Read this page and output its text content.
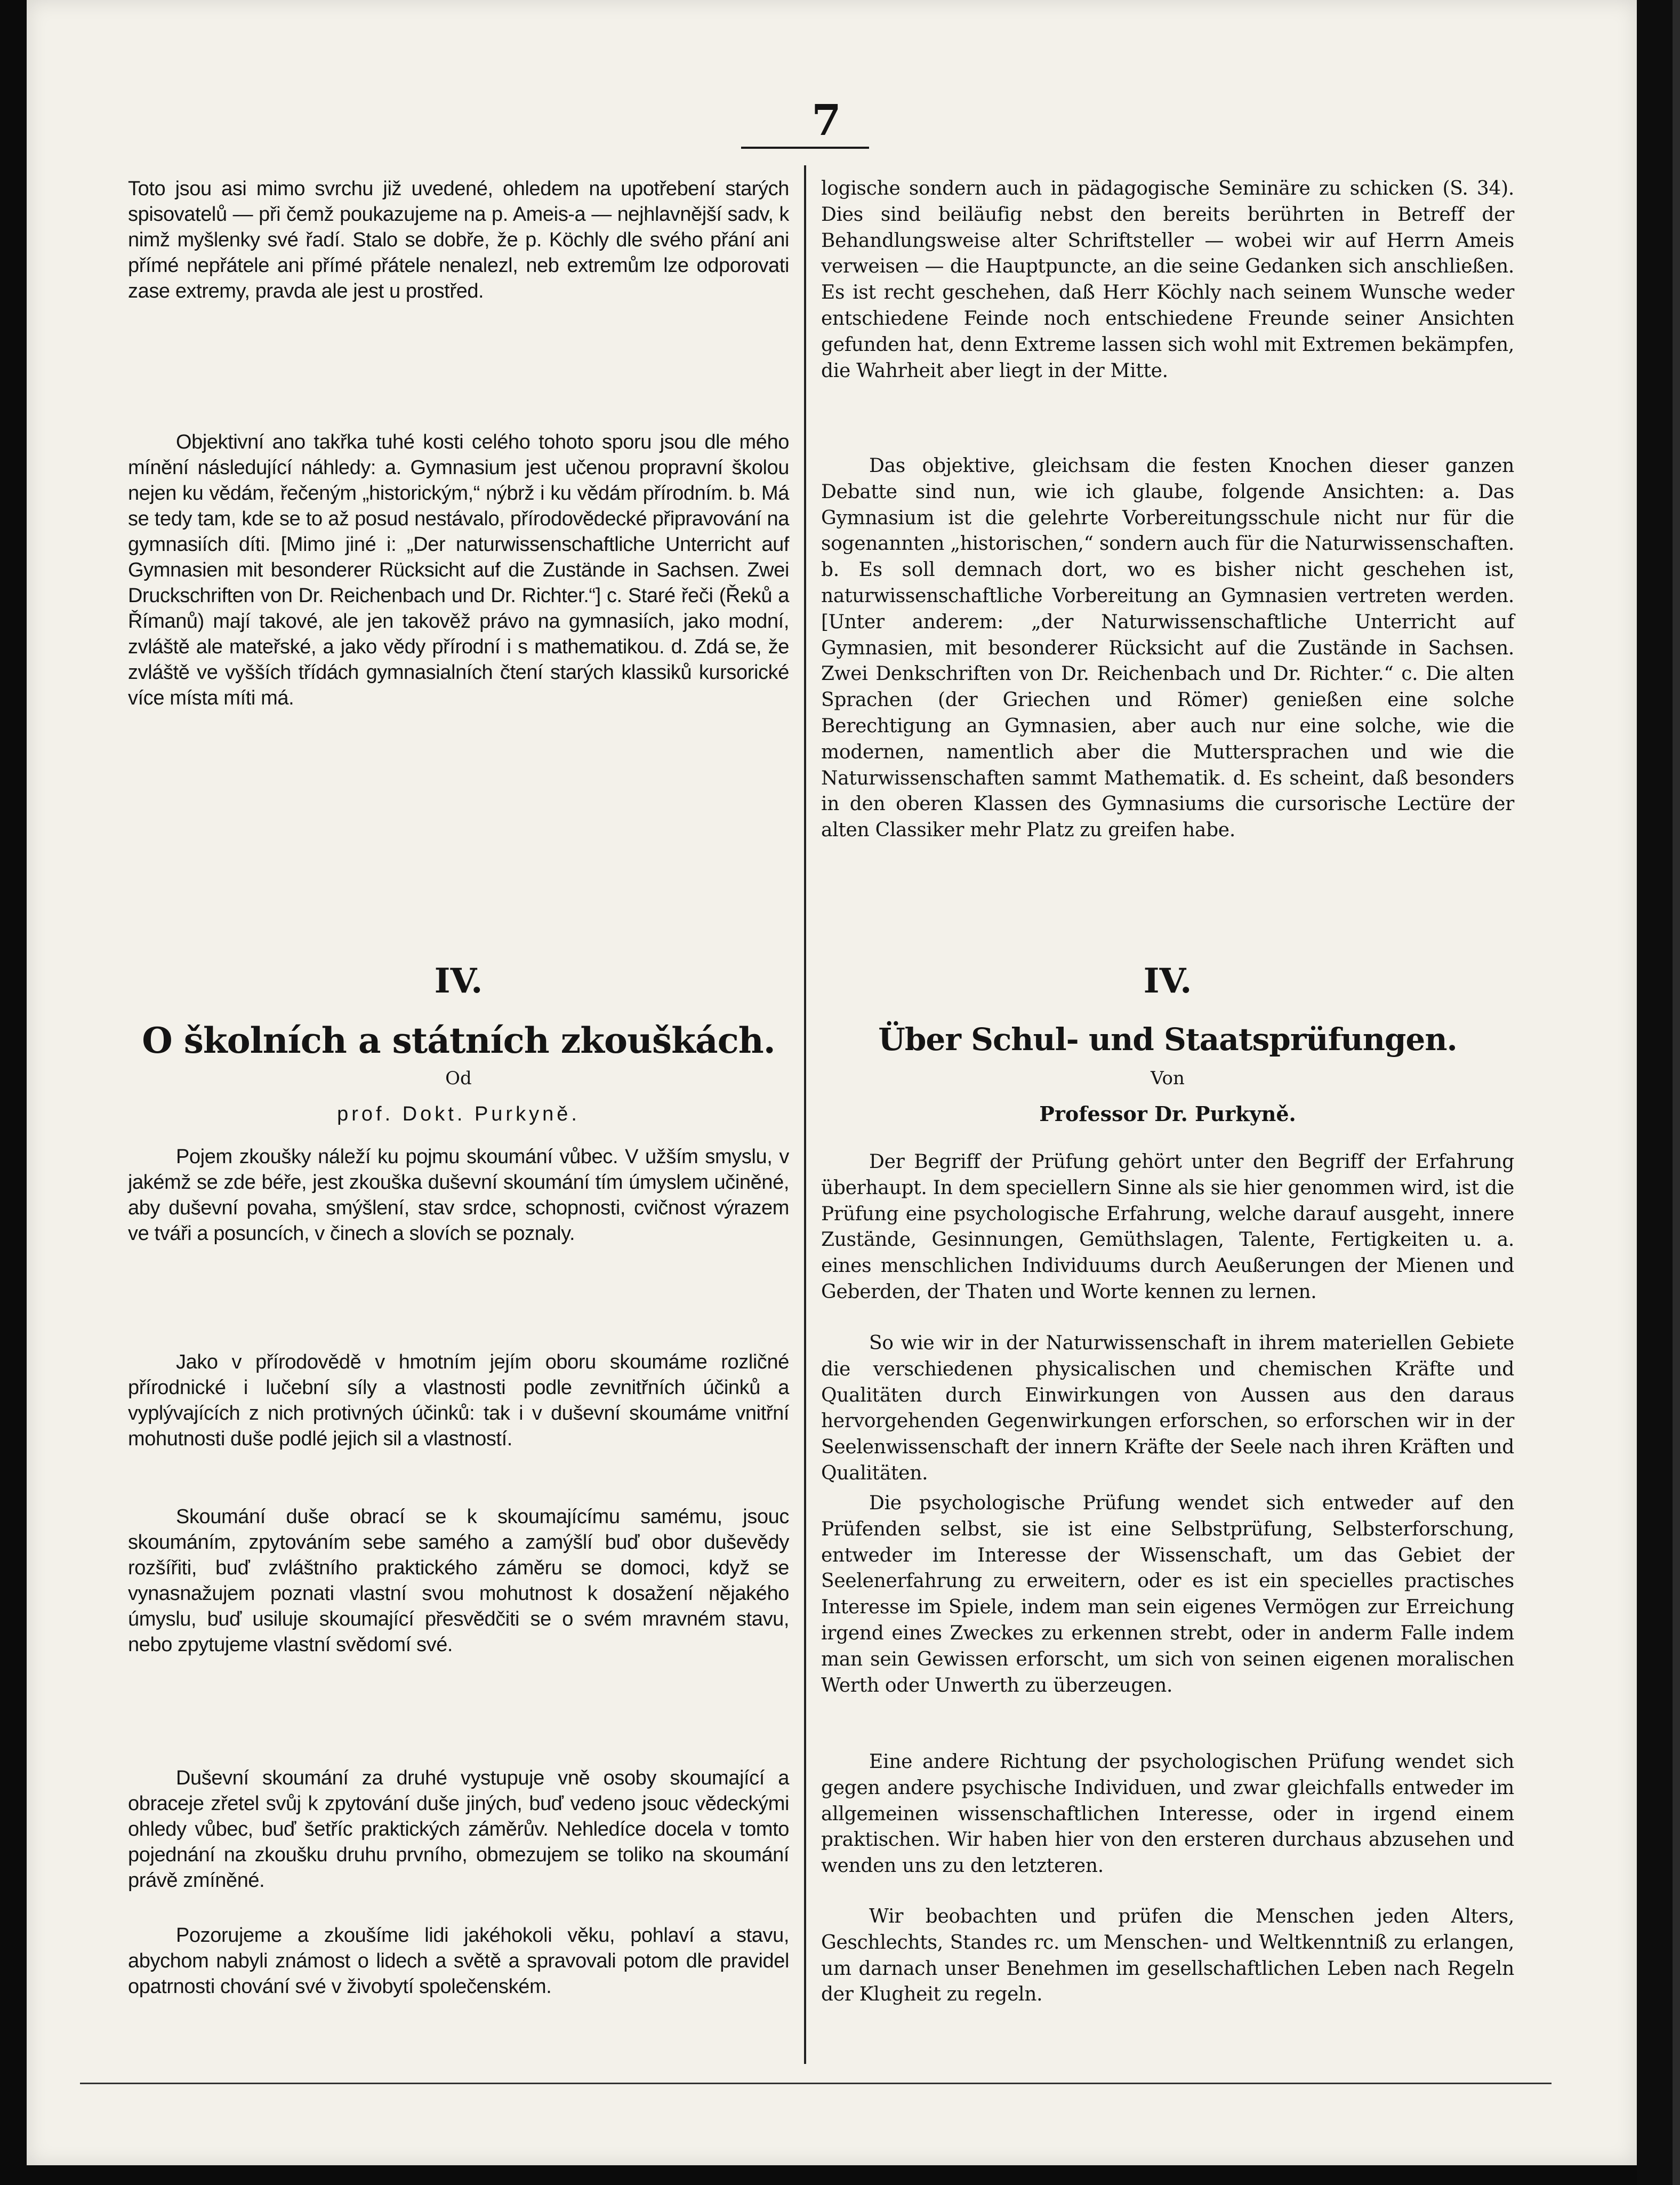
7

Toto jsou asi mimo svrchu již uvedené, ohledem na upotřebení starých spisovatelů — při čemž poukazujeme na p. Ameis-a — nejhlavnější sadv, k nimž myšlenky své řadí. Stalo se dobře, že p. Köchly dle svého přání ani přímé nepřátele ani přímé přátele nenalezl, neb extremům lze odporovati zase extremy, pravda ale jest u prostřed.

Objektivní ano takřka tuhé kosti celého tohoto sporu jsou dle mého mínění následující náhledy: a. Gymnasium jest učenou propravní školou nejen ku vědám, řečeným „historickým,“ nýbrž i ku vědám přírodním. b. Má se tedy tam, kde se to až posud nestávalo, přírodovědecké připravování na gymnasiích díti. [Mimo jiné i: „Der naturwissenschaftliche Unterricht auf Gymnasien mit besonderer Rücksicht auf die Zustände in Sachsen. Zwei Druckschriften von Dr. Reichenbach und Dr. Richter.“] c. Staré řeči (Řeků a Římanů) mají takové, ale jen takověž právo na gymnasiích, jako modní, zvláště ale mateřské, a jako vědy přírodní i s mathematikou. d. Zdá se, že zvláště ve vyšších třídách gymnasialních čtení starých klassiků kursorické více místa míti má.

IV.

O školních a státních zkouškách.

Od

prof. Dokt. Purkyně.

Pojem zkoušky náleží ku pojmu skoumání vůbec. V užším smyslu, v jakémž se zde béře, jest zkouška duševní skoumání tím úmyslem učiněné, aby duševní povaha, smýšlení, stav srdce, schopnosti, cvičnost výrazem ve tváři a posuncích, v činech a slovích se poznaly.

Jako v přírodovědě v hmotním jejím oboru skoumáme rozličné přírodnické i lučební síly a vlastnosti podle zevnitřních účinků a vyplývajících z nich protivných účinků: tak i v duševní skoumáme vnitřní mohutnosti duše podlé jejich sil a vlastností.

Skoumání duše obrací se k skoumajícímu samému, jsouc skoumáním, zpytováním sebe samého a zamýšlí buď obor duševědy rozšířiti, buď zvláštního praktického záměru se domoci, když se vynasnažujem poznati vlastní svou mohutnost k dosažení nějakého úmyslu, buď usiluje skoumající přesvědčiti se o svém mravném stavu, nebo zpytujeme vlastní svědomí své.

Duševní skoumání za druhé vystupuje vně osoby skoumající a obraceje zřetel svůj k zpytování duše jiných, buď vedeno jsouc vědeckými ohledy vůbec, buď šetříc praktických záměrův. Nehledíce docela v tomto pojednání na zkoušku druhu prvního, obmezujem se toliko na skoumání právě zmíněné.

Pozorujeme a zkoušíme lidi jakéhokoli věku, pohlaví a stavu, abychom nabyli známost o lidech a světě a spravovali potom dle pravidel opatrnosti chování své v živobytí společenském.

logische sondern auch in pädagogische Seminäre zu schicken (S. 34). Dies sind beiläufig nebst den bereits berührten in Betreff der Behandlungsweise alter Schriftsteller — wobei wir auf Herrn Ameis verweisen — die Hauptpuncte, an die seine Gedanken sich anschließen. Es ist recht geschehen, daß Herr Köchly nach seinem Wunsche weder entschiedene Feinde noch entschiedene Freunde seiner Ansichten gefunden hat, denn Extreme lassen sich wohl mit Extremen bekämpfen, die Wahrheit aber liegt in der Mitte.

Das objektive, gleichsam die festen Knochen dieser ganzen Debatte sind nun, wie ich glaube, folgende Ansichten: a. Das Gymnasium ist die gelehrte Vorbereitungsschule nicht nur für die sogenannten „historischen,“ sondern auch für die Naturwissenschaften. b. Es soll demnach dort, wo es bisher nicht geschehen ist, naturwissenschaftliche Vorbereitung an Gymnasien vertreten werden. [Unter anderem: „der Naturwissenschaftliche Unterricht auf Gymnasien, mit besonderer Rücksicht auf die Zustände in Sachsen. Zwei Denkschriften von Dr. Reichenbach und Dr. Richter.“ c. Die alten Sprachen (der Griechen und Römer) genießen eine solche Berechtigung an Gymnasien, aber auch nur eine solche, wie die modernen, namentlich aber die Muttersprachen und wie die Naturwissenschaften sammt Mathematik. d. Es scheint, daß besonders in den oberen Klassen des Gymnasiums die cursorische Lectüre der alten Classiker mehr Platz zu greifen habe.

IV.

Über Schul- und Staatsprüfungen.

Von

Professor Dr. Purkyně.

Der Begriff der Prüfung gehört unter den Begriff der Erfahrung überhaupt. In dem speciellern Sinne als sie hier genommen wird, ist die Prüfung eine psychologische Erfahrung, welche darauf ausgeht, innere Zustände, Gesinnungen, Gemüthslagen, Talente, Fertigkeiten u. a. eines menschlichen Individuums durch Aeußerungen der Mienen und Geberden, der Thaten und Worte kennen zu lernen.

So wie wir in der Naturwissenschaft in ihrem materiellen Gebiete die verschiedenen physicalischen und chemischen Kräfte und Qualitäten durch Einwirkungen von Aussen aus den daraus hervorgehenden Gegenwirkungen erforschen, so erforschen wir in der Seelenwissenschaft der innern Kräfte der Seele nach ihren Kräften und Qualitäten.

Die psychologische Prüfung wendet sich entweder auf den Prüfenden selbst, sie ist eine Selbstprüfung, Selbsterforschung, entweder im Interesse der Wissenschaft, um das Gebiet der Seelenerfahrung zu erweitern, oder es ist ein specielles practisches Interesse im Spiele, indem man sein eigenes Vermögen zur Erreichung irgend eines Zweckes zu erkennen strebt, oder in anderm Falle indem man sein Gewissen erforscht, um sich von seinen eigenen moralischen Werth oder Unwerth zu überzeugen.

Eine andere Richtung der psychologischen Prüfung wendet sich gegen andere psychische Individuen, und zwar gleichfalls entweder im allgemeinen wissenschaftlichen Interesse, oder in irgend einem praktischen. Wir haben hier von den ersteren durchaus abzusehen und wenden uns zu den letzteren.

Wir beobachten und prüfen die Menschen jeden Alters, Geschlechts, Standes rc. um Menschen- und Weltkenntniß zu erlangen, um darnach unser Benehmen im gesellschaftlichen Leben nach Regeln der Klugheit zu regeln.
